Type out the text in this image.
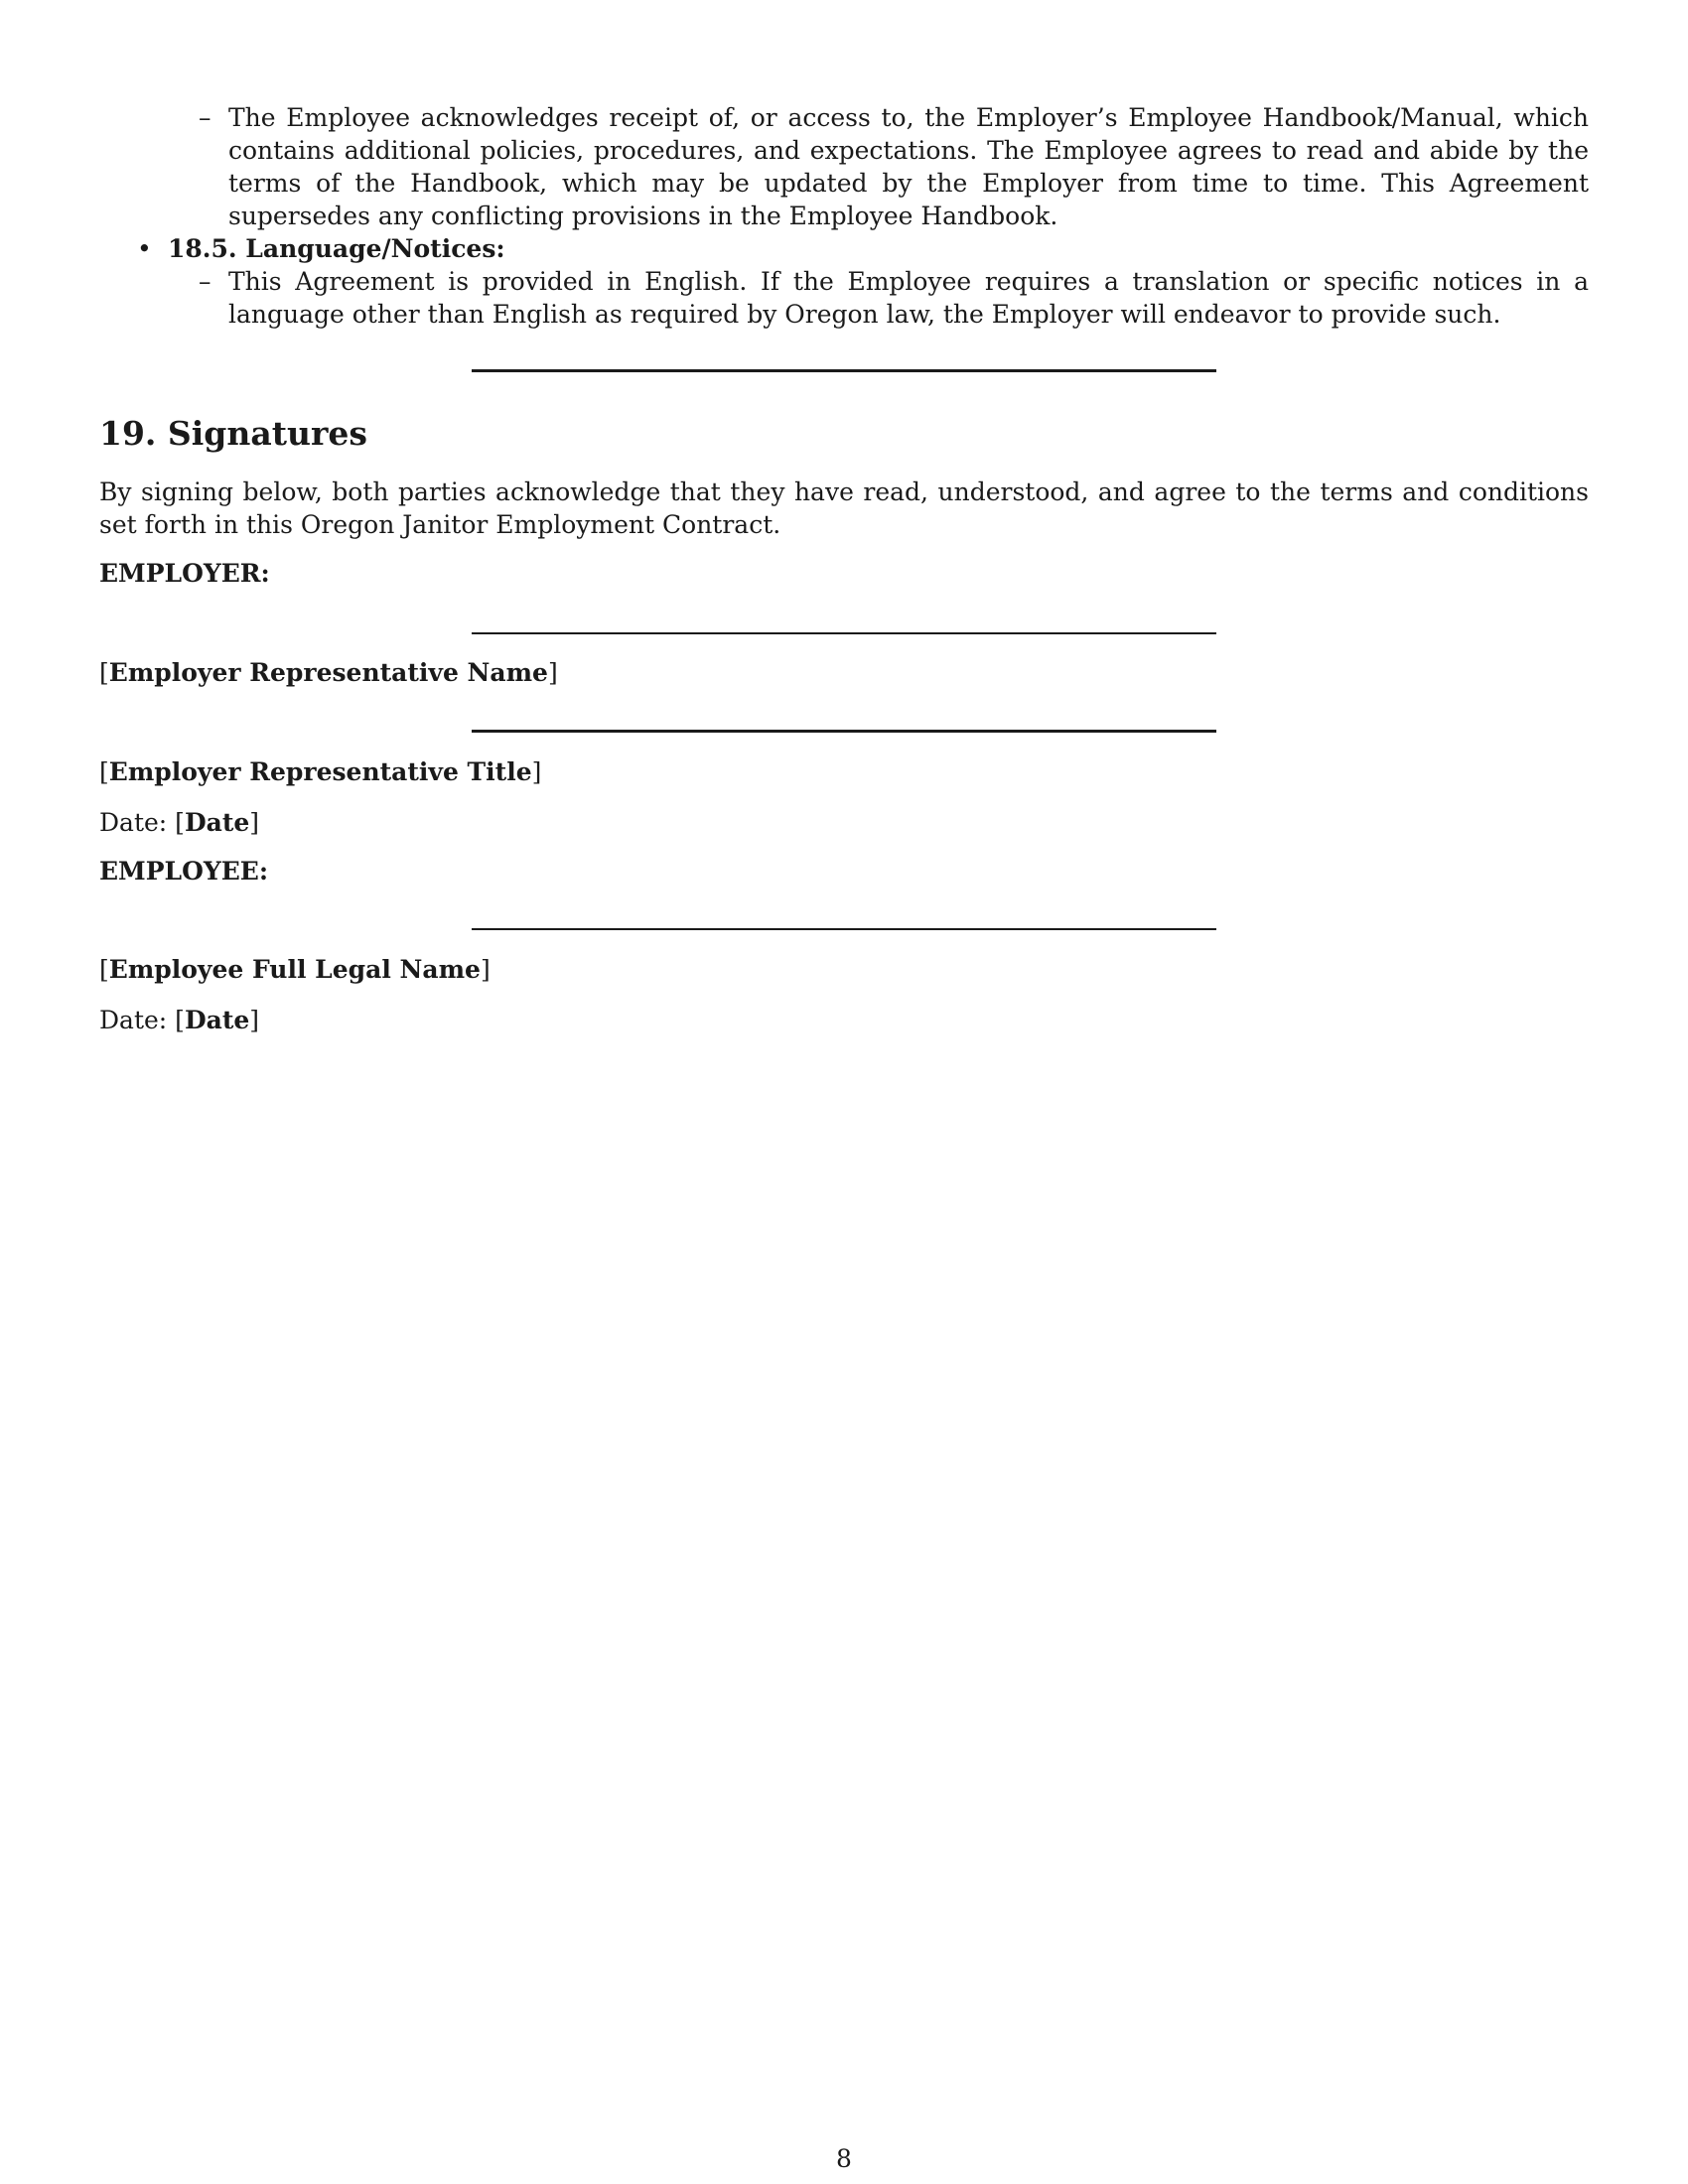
– The Employee acknowledges receipt of, or access to, the Employer’s Employee Handbook/Manual, which contains additional policies, procedures, and expectations. The Employee agrees to read and abide by the terms of the Handbook, which may be updated by the Employer from time to time. This Agreement supersedes any conflicting provisions in the Employee Handbook.
• 18.5. Language/Notices:
– This Agreement is provided in English. If the Employee requires a translation or specific notices in a language other than English as required by Oregon law, the Employer will endeavor to provide such.
19. Signatures
By signing below, both parties acknowledge that they have read, understood, and agree to the terms and conditions set forth in this Oregon Janitor Employment Contract.
EMPLOYER:
[Employer Representative Name]
[Employer Representative Title]
Date: [Date]
EMPLOYEE:
[Employee Full Legal Name]
Date: [Date]
8
